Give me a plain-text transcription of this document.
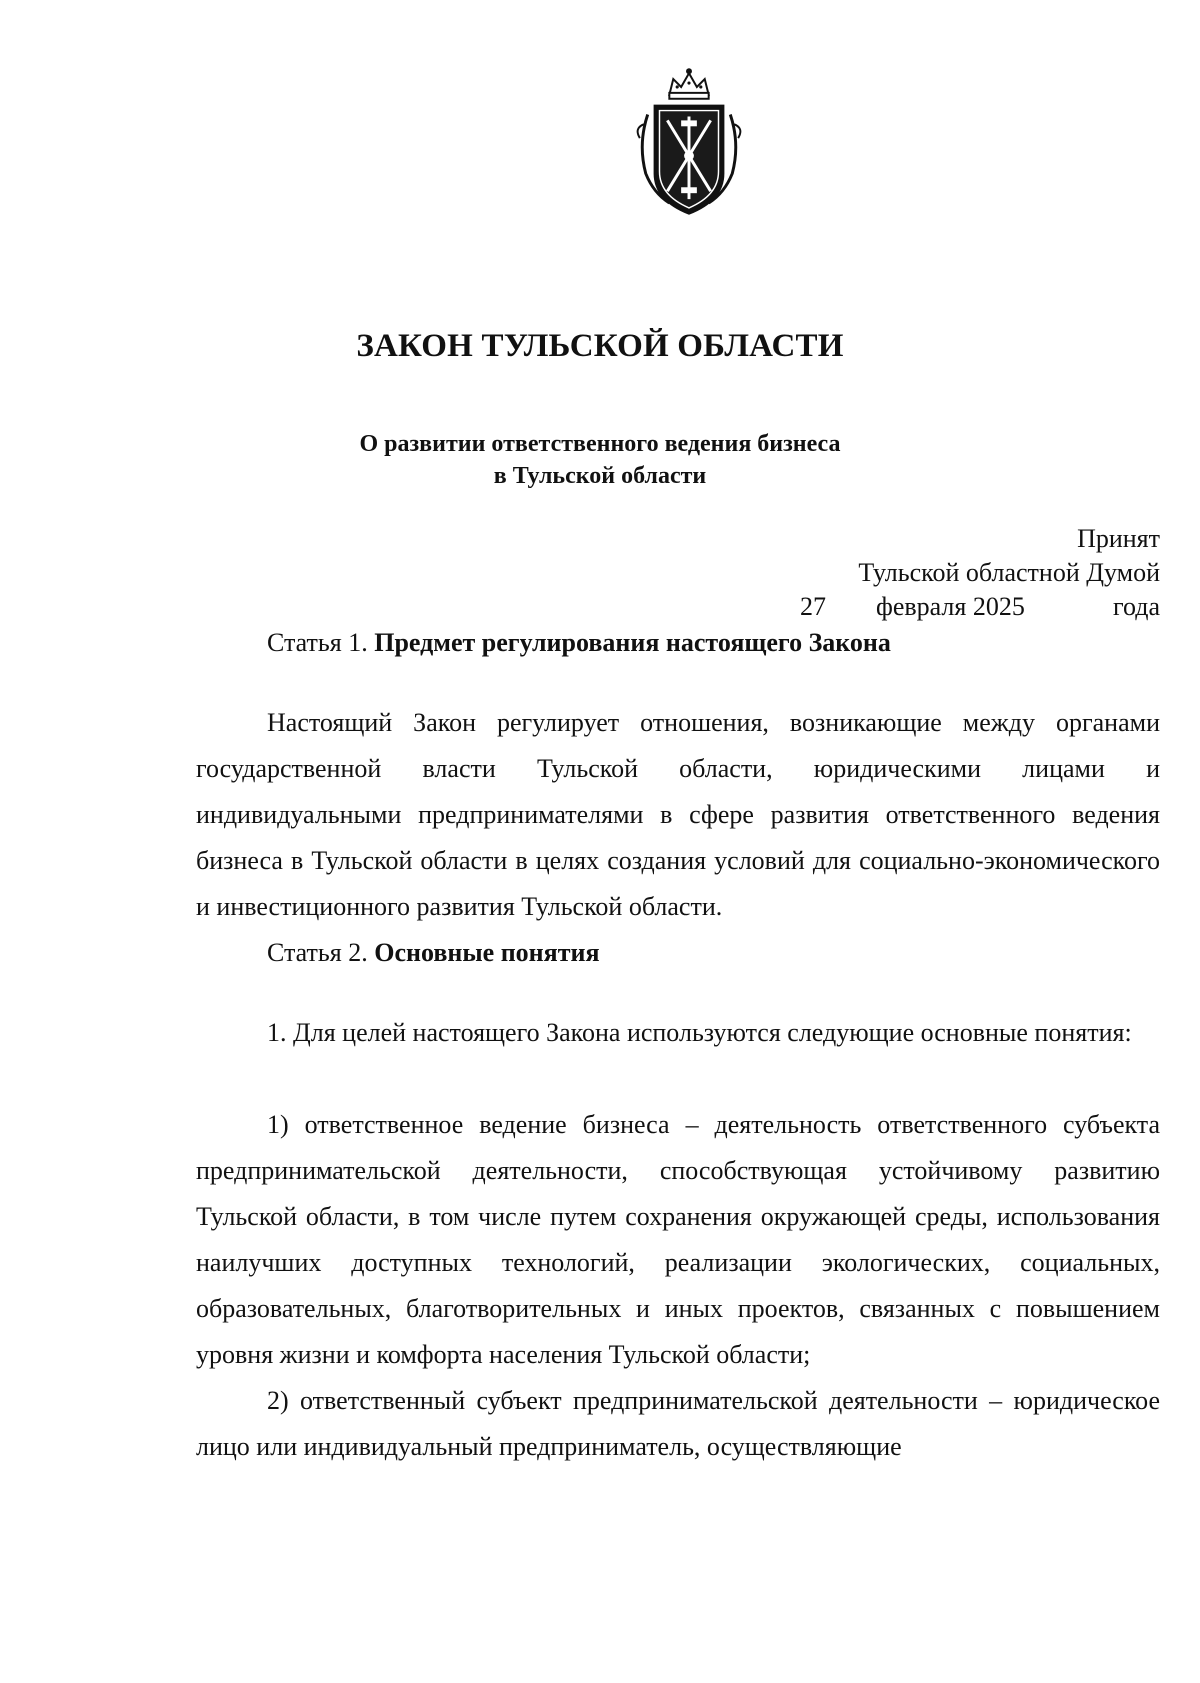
ЗАКОН ТУЛЬСКОЙ ОБЛАСТИ
О развитии ответственного ведения бизнеса
в Тульской области
Принят
Тульской областной Думой
27 февраля 2025	года
Статья 1. Предмет регулирования настоящего Закона

Настоящий Закон регулирует отношения, возникающие между органами государственной власти Тульской области, юридическими лицами и индивидуальными предпринимателями в сфере развития ответственного ведения бизнеса в Тульской области в целях создания условий для социально-экономического и инвестиционного развития Тульской области.

Статья 2. Основные понятия

1. Для целей настоящего Закона используются следующие основные понятия:

1) ответственное ведение бизнеса – деятельность ответственного субъекта предпринимательской деятельности, способствующая устойчивому развитию Тульской области, в том числе путем сохранения окружающей среды, использования наилучших доступных технологий, реализации экологических, социальных, образовательных, благотворительных и иных проектов, связанных с повышением уровня жизни и комфорта населения Тульской области;

2) ответственный субъект предпринимательской деятельности – юридическое лицо или индивидуальный предприниматель, осуществляющие
